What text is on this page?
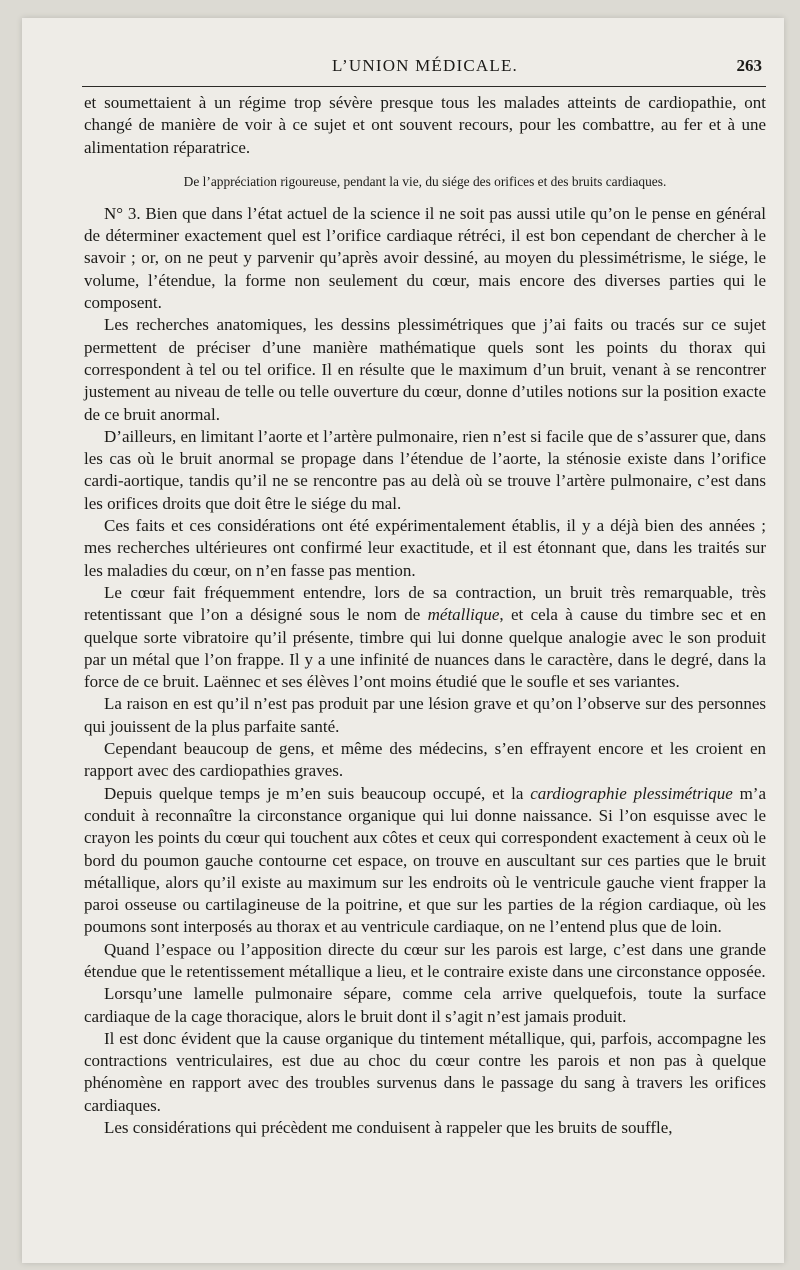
L’UNION MÉDICALE.	263

et soumettaient à un régime trop sévère presque tous les malades atteints de cardiopathie, ont changé de manière de voir à ce sujet et ont souvent recours, pour les combattre, au fer et à une alimentation réparatrice.

De l’appréciation rigoureuse, pendant la vie, du siége des orifices et des bruits cardiaques.

N° 3. Bien que dans l’état actuel de la science il ne soit pas aussi utile qu’on le pense en général de déterminer exactement quel est l’orifice cardiaque rétréci, il est bon cependant de chercher à le savoir ; or, on ne peut y parvenir qu’après avoir dessiné, au moyen du plessimétrisme, le siége, le volume, l’étendue, la forme non seulement du cœur, mais encore des diverses parties qui le composent.

Les recherches anatomiques, les dessins plessimétriques que j’ai faits ou tracés sur ce sujet permettent de préciser d’une manière mathématique quels sont les points du thorax qui correspondent à tel ou tel orifice. Il en résulte que le maximum d’un bruit, venant à se rencontrer justement au niveau de telle ou telle ouverture du cœur, donne d’utiles notions sur la position exacte de ce bruit anormal.

D’ailleurs, en limitant l’aorte et l’artère pulmonaire, rien n’est si facile que de s’assurer que, dans les cas où le bruit anormal se propage dans l’étendue de l’aorte, la sténosie existe dans l’orifice cardi-aortique, tandis qu’il ne se rencontre pas au delà où se trouve l’artère pulmonaire, c’est dans les orifices droits que doit être le siége du mal.

Ces faits et ces considérations ont été expérimentalement établis, il y a déjà bien des années ; mes recherches ultérieures ont confirmé leur exactitude, et il est étonnant que, dans les traités sur les maladies du cœur, on n’en fasse pas mention.

Le cœur fait fréquemment entendre, lors de sa contraction, un bruit très remarquable, très retentissant que l’on a désigné sous le nom de métallique, et cela à cause du timbre sec et en quelque sorte vibratoire qu’il présente, timbre qui lui donne quelque analogie avec le son produit par un métal que l’on frappe. Il y a une infinité de nuances dans le caractère, dans le degré, dans la force de ce bruit. Laënnec et ses élèves l’ont moins étudié que le soufle et ses variantes.

La raison en est qu’il n’est pas produit par une lésion grave et qu’on l’observe sur des personnes qui jouissent de la plus parfaite santé.

Cependant beaucoup de gens, et même des médecins, s’en effrayent encore et les croient en rapport avec des cardiopathies graves.

Depuis quelque temps je m’en suis beaucoup occupé, et la cardiographie plessimétrique m’a conduit à reconnaître la circonstance organique qui lui donne naissance. Si l’on esquisse avec le crayon les points du cœur qui touchent aux côtes et ceux qui correspondent exactement à ceux où le bord du poumon gauche contourne cet espace, on trouve en auscultant sur ces parties que le bruit métallique, alors qu’il existe au maximum sur les endroits où le ventricule gauche vient frapper la paroi osseuse ou cartilagineuse de la poitrine, et que sur les parties de la région cardiaque, où les poumons sont interposés au thorax et au ventricule cardiaque, on ne l’entend plus que de loin.

Quand l’espace ou l’apposition directe du cœur sur les parois est large, c’est dans une grande étendue que le retentissement métallique a lieu, et le contraire existe dans une circonstance opposée.

Lorsqu’une lamelle pulmonaire sépare, comme cela arrive quelquefois, toute la surface cardiaque de la cage thoracique, alors le bruit dont il s’agit n’est jamais produit.

Il est donc évident que la cause organique du tintement métallique, qui, parfois, accompagne les contractions ventriculaires, est due au choc du cœur contre les parois et non pas à quelque phénomène en rapport avec des troubles survenus dans le passage du sang à travers les orifices cardiaques.

Les considérations qui précèdent me conduisent à rappeler que les bruits de souffle,
